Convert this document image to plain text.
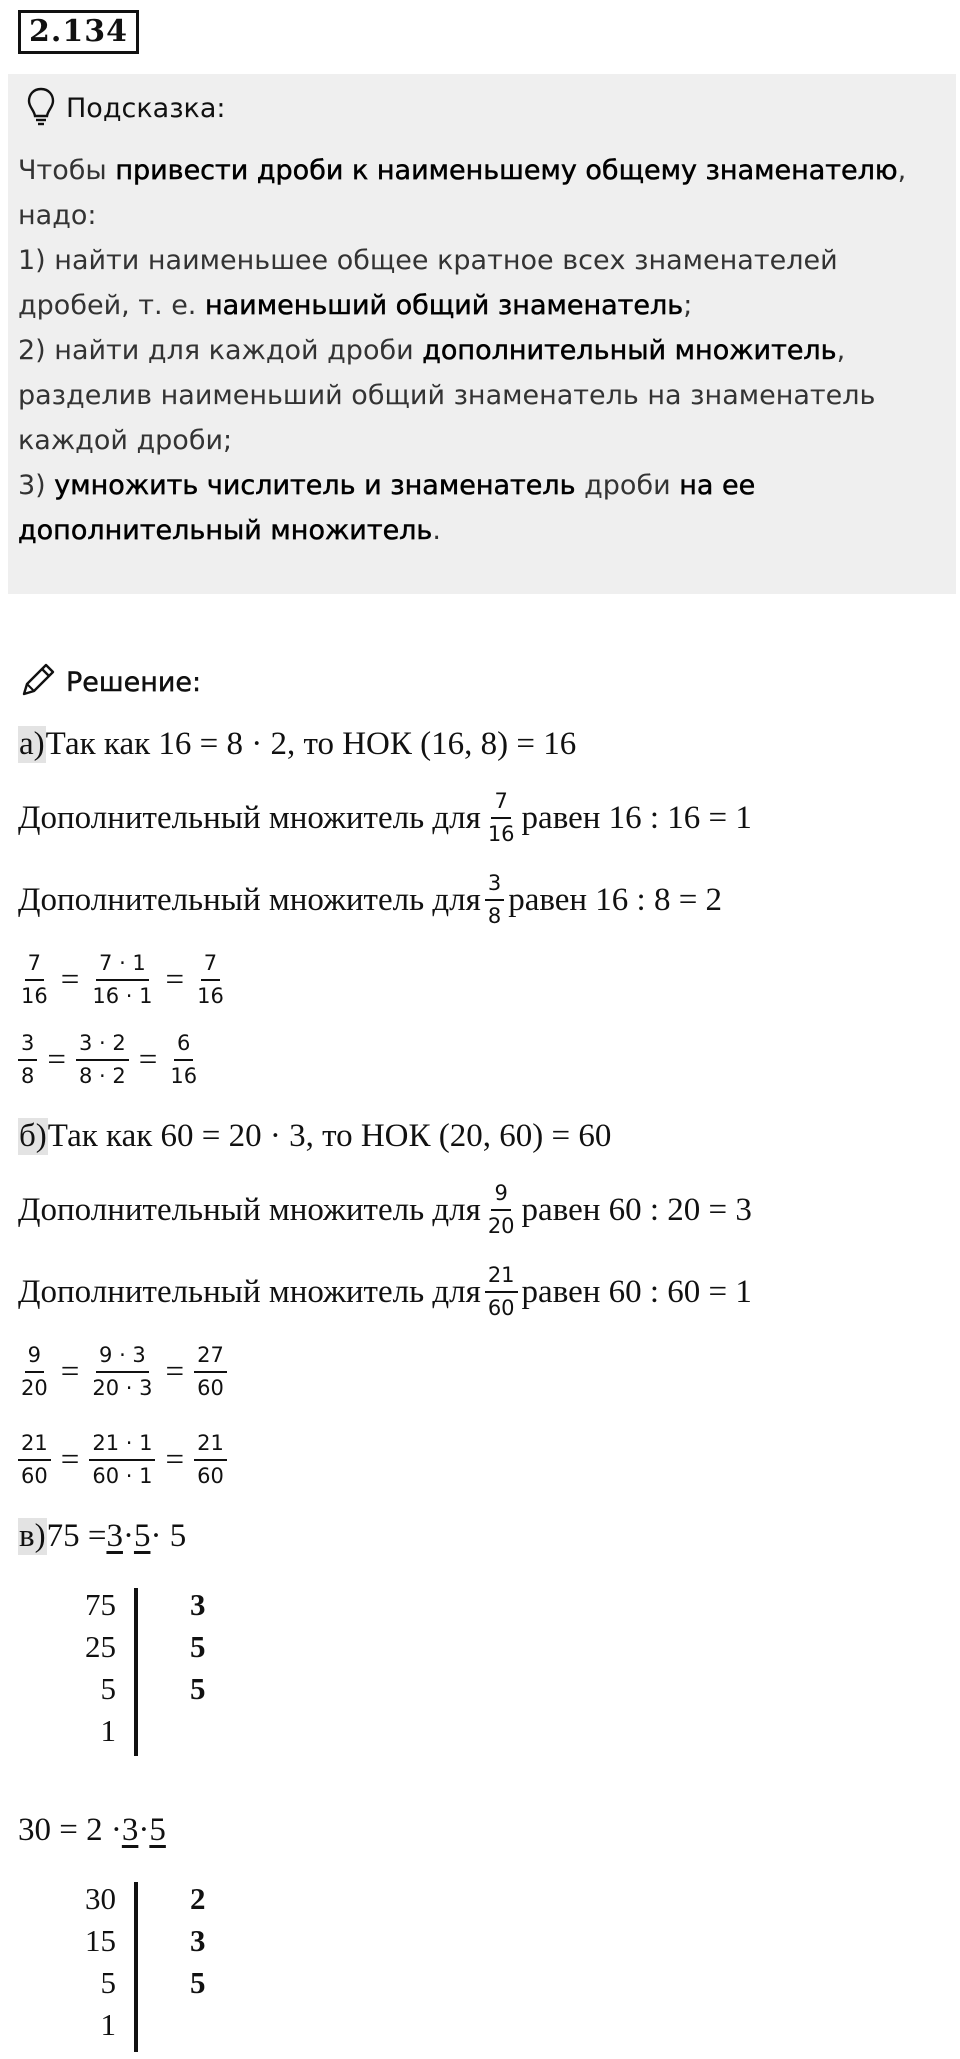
2.134
Подсказка:
Чтобы привести дроби к наименьшему общему знаменателю, надо:
1) найти наименьшее общее кратное всех знаменателей дробей, т. е. наименьший общий знаменатель;
2) найти для каждой дроби дополнительный множитель, разделив наименьший общий знаменатель на знаменатель каждой дроби;
3) умножить числитель и знаменатель дроби на ее дополнительный множитель.
Решение:
а) Так как 16 = 8 · 2, то НОК (16, 8) = 16
Дополнительный множитель для $\frac{7}{16}$ равен 16 : 16 = 1
Дополнительный множитель для $\frac{3}{8}$ равен 16 : 8 = 2
$\frac{7}{16} = \frac{7 \cdot 1}{16 \cdot 1} = \frac{7}{16}$
$\frac{3}{8} = \frac{3 \cdot 2}{8 \cdot 2} = \frac{6}{16}$
б) Так как 60 = 20 · 3, то НОК (20, 60) = 60
Дополнительный множитель для $\frac{9}{20}$ равен 60 : 20 = 3
Дополнительный множитель для $\frac{21}{60}$ равен 60 : 60 = 1
$\frac{9}{20} = \frac{9 \cdot 3}{20 \cdot 3} = \frac{27}{60}$
$\frac{21}{60} = \frac{21 \cdot 1}{60 \cdot 1} = \frac{21}{60}$
в) 75 = 3 · 5 · 5
75 3
25 5
5 5
1
30 = 2 · 3 · 5
30 2
15 3
5 5
1
